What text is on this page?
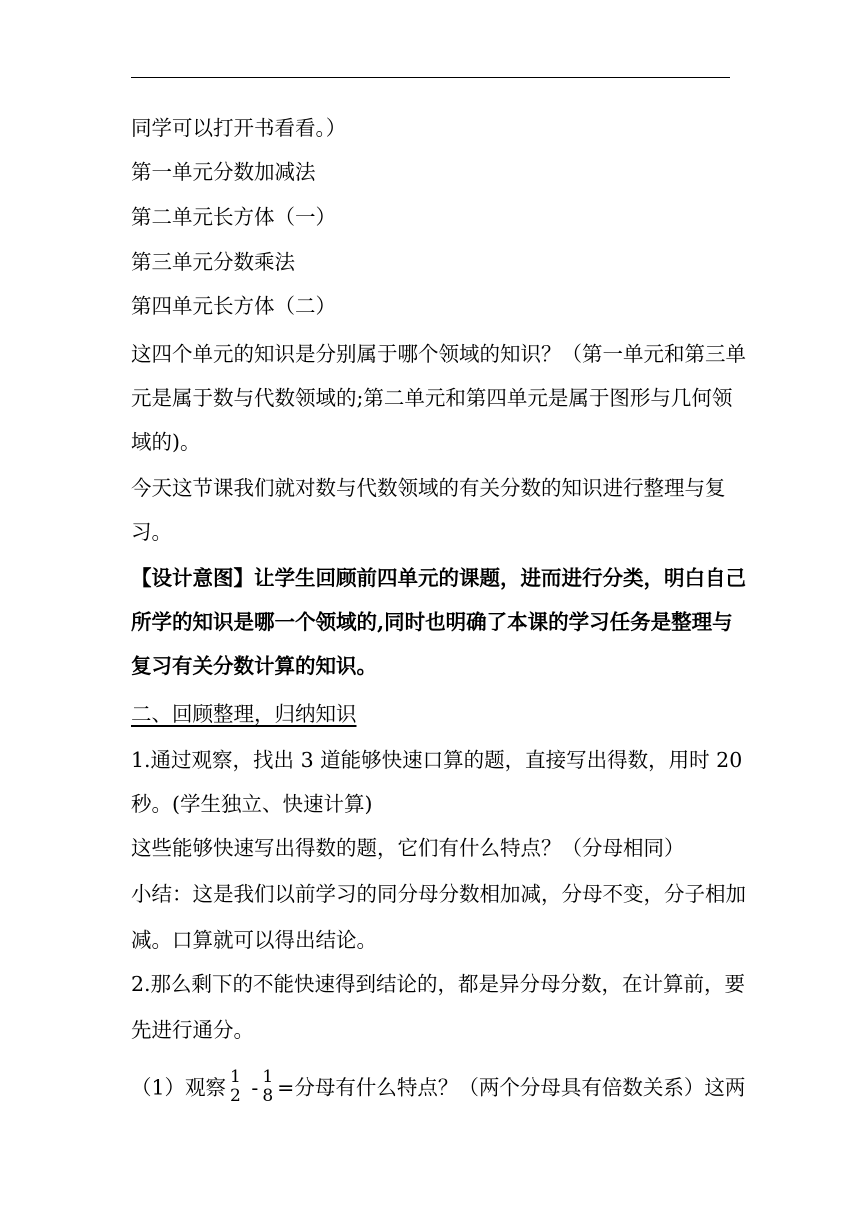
同学可以打开书看看。）
第一单元分数加减法
第二单元长方体（一）
第三单元分数乘法
第四单元长方体（二）
这四个单元的知识是分别属于哪个领域的知识？（第一单元和第三单
元是属于数与代数领域的;第二单元和第四单元是属于图形与几何领
域的)。
今天这节课我们就对数与代数领域的有关分数的知识进行整理与复
习。
【设计意图】让学生回顾前四单元的课题，进而进行分类，明白自己
所学的知识是哪一个领域的,同时也明确了本课的学习任务是整理与
复习有关分数计算的知识。
二、回顾整理，归纳知识
1.通过观察，找出 3 道能够快速口算的题，直接写出得数，用时 20
秒。(学生独立、快速计算)
这些能够快速写出得数的题，它们有什么特点？（分母相同）
小结：这是我们以前学习的同分母分数相加减，分母不变，分子相加
减。口算就可以得出结论。
2.那么剩下的不能快速得到结论的，都是异分母分数，在计算前，要
先进行通分。
（1）观察 1
2 - 1
8 =分母有什么特点？（两个分母具有倍数关系）这两
